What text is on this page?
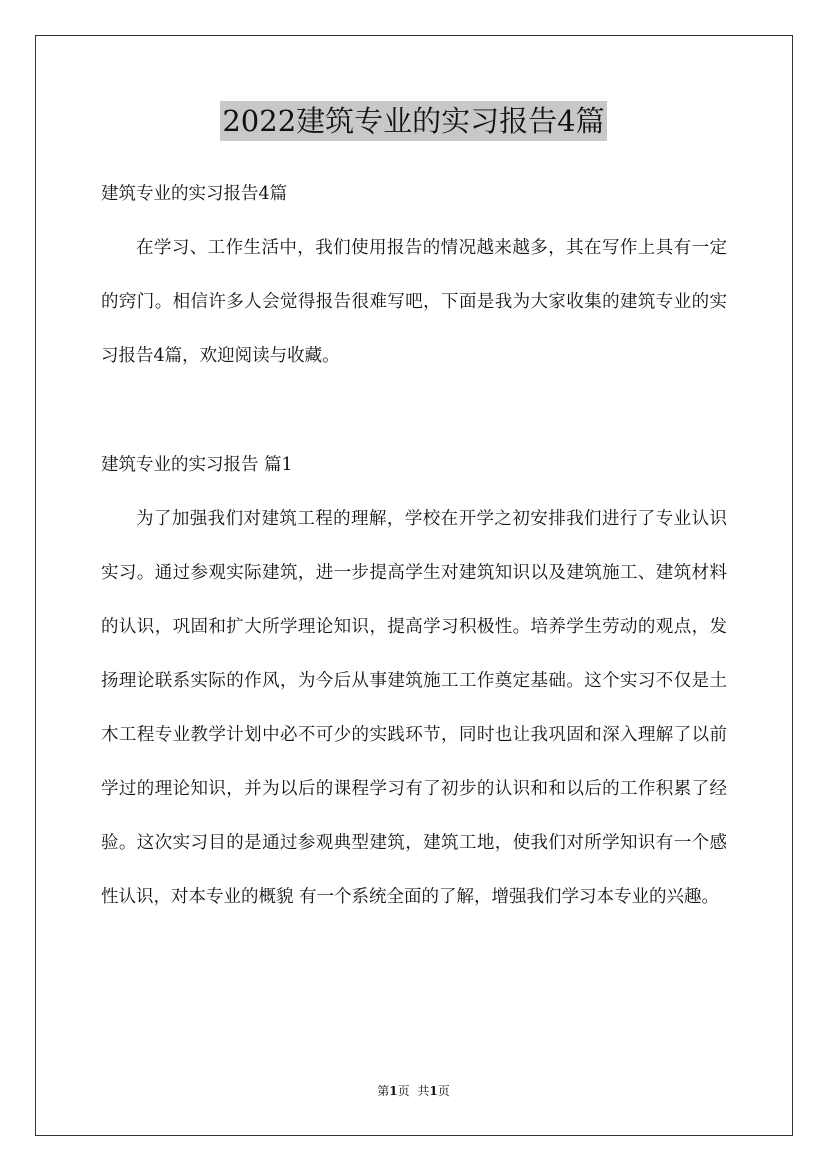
2022建筑专业的实习报告4篇
建筑专业的实习报告4篇

在学习、工作生活中，我们使用报告的情况越来越多，其在写作上具有一定的窍门。相信许多人会觉得报告很难写吧，下面是我为大家收集的建筑专业的实习报告4篇，欢迎阅读与收藏。

建筑专业的实习报告 篇1

为了加强我们对建筑工程的理解，学校在开学之初安排我们进行了专业认识实习。通过参观实际建筑，进一步提高学生对建筑知识以及建筑施工、建筑材料的认识，巩固和扩大所学理论知识，提高学习积极性。培养学生劳动的观点，发扬理论联系实际的作风，为今后从事建筑施工工作奠定基础。这个实习不仅是土木工程专业教学计划中必不可少的实践环节，同时也让我巩固和深入理解了以前学过的理论知识，并为以后的课程学习有了初步的认识和和以后的工作积累了经验。这次实习目的是通过参观典型建筑，建筑工地，使我们对所学知识有一个感性认识，对本专业的概貌 有一个系统全面的了解，增强我们学习本专业的兴趣。

第1页 共1页
